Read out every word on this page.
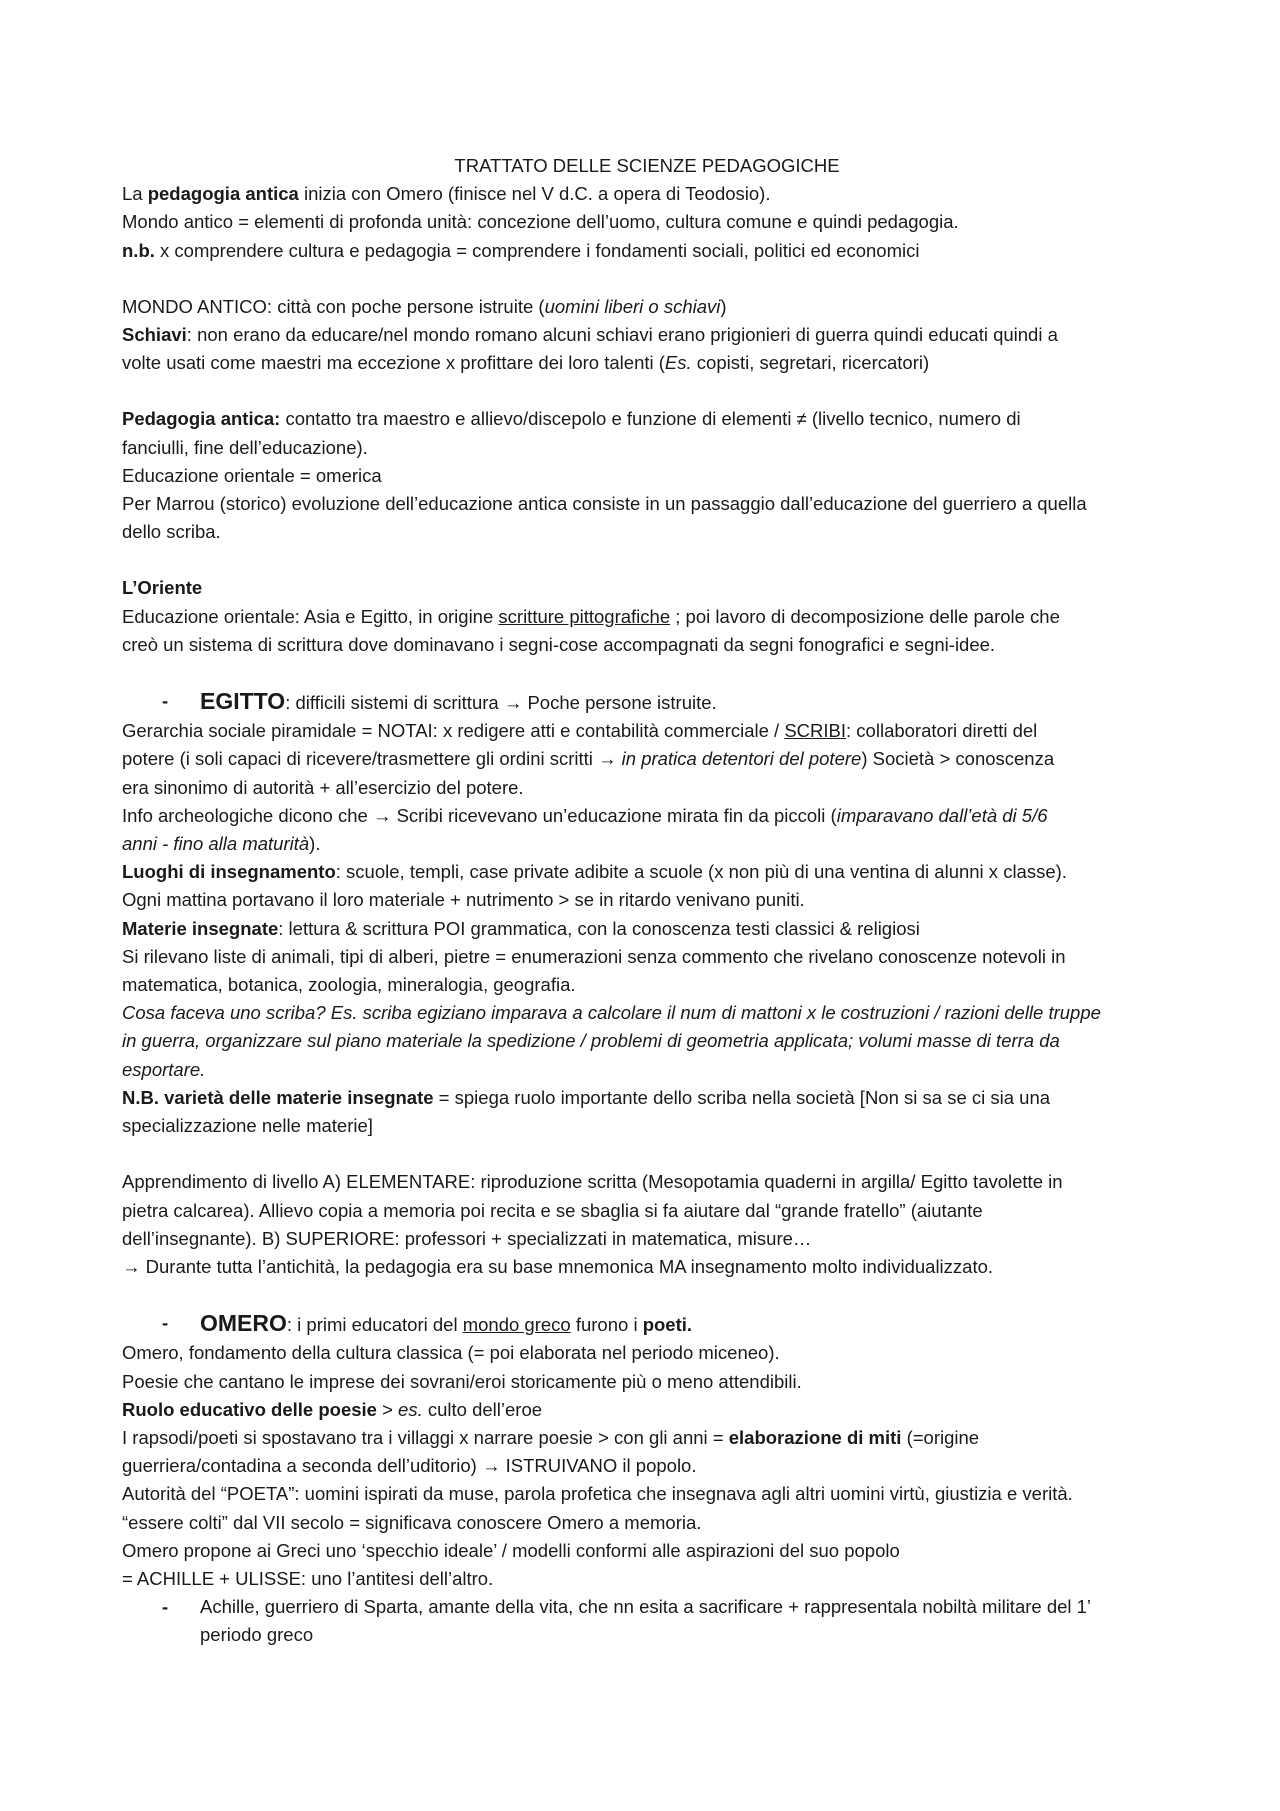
TRATTATO DELLE SCIENZE PEDAGOGICHE

La pedagogia antica inizia con Omero (finisce nel V d.C. a opera di Teodosio).

Mondo antico = elementi di profonda unità: concezione dell’uomo, cultura comune e quindi pedagogia.

n.b. x comprendere cultura e pedagogia = comprendere i fondamenti sociali, politici ed economici

MONDO ANTICO: città con poche persone istruite (uomini liberi o schiavi)

Schiavi: non erano da educare/nel mondo romano alcuni schiavi erano prigionieri di guerra quindi educati quindi a

volte usati come maestri ma eccezione x profittare dei loro talenti (Es. copisti, segretari, ricercatori)

Pedagogia antica: contatto tra maestro e allievo/discepolo e funzione di elementi ≠ (livello tecnico, numero di

fanciulli, fine dell’educazione).

Educazione orientale = omerica

Per Marrou (storico) evoluzione dell’educazione antica consiste in un passaggio dall’educazione del guerriero a quella

dello scriba.

L’Oriente

Educazione orientale: Asia e Egitto, in origine scritture pittografiche ; poi lavoro di decomposizione delle parole che

creò un sistema di scrittura dove dominavano i segni-cose accompagnati da segni fonografici e segni-idee.

- EGITTO: difficili sistemi di scrittura → Poche persone istruite.

Gerarchia sociale piramidale = NOTAI: x redigere atti e contabilità commerciale / SCRIBI: collaboratori diretti del

potere (i soli capaci di ricevere/trasmettere gli ordini scritti → in pratica detentori del potere) Società > conoscenza

era sinonimo di autorità + all’esercizio del potere.

Info archeologiche dicono che → Scribi ricevevano un’educazione mirata fin da piccoli (imparavano dall’età di 5/6

anni - fino alla maturità).

Luoghi di insegnamento: scuole, templi, case private adibite a scuole (x non più di una ventina di alunni x classe).

Ogni mattina portavano il loro materiale + nutrimento > se in ritardo venivano puniti.

Materie insegnate: lettura & scrittura POI grammatica, con la conoscenza testi classici & religiosi

Si rilevano liste di animali, tipi di alberi, pietre = enumerazioni senza commento che rivelano conoscenze notevoli in

matematica, botanica, zoologia, mineralogia, geografia.

Cosa faceva uno scriba? Es. scriba egiziano imparava a calcolare il num di mattoni x le costruzioni / razioni delle truppe

in guerra, organizzare sul piano materiale la spedizione / problemi di geometria applicata; volumi masse di terra da

esportare.

N.B. varietà delle materie insegnate = spiega ruolo importante dello scriba nella società [Non si sa se ci sia una

specializzazione nelle materie]

Apprendimento di livello A) ELEMENTARE: riproduzione scritta (Mesopotamia quaderni in argilla/ Egitto tavolette in

pietra calcarea). Allievo copia a memoria poi recita e se sbaglia si fa aiutare dal “grande fratello” (aiutante

dell’insegnante). B) SUPERIORE: professori + specializzati in matematica, misure…

→ Durante tutta l’antichità, la pedagogia era su base mnemonica MA insegnamento molto individualizzato.

- OMERO: i primi educatori del mondo greco furono i poeti.

Omero, fondamento della cultura classica (= poi elaborata nel periodo miceneo).

Poesie che cantano le imprese dei sovrani/eroi storicamente più o meno attendibili.

Ruolo educativo delle poesie > es. culto dell’eroe

I rapsodi/poeti si spostavano tra i villaggi x narrare poesie > con gli anni = elaborazione di miti (=origine

guerriera/contadina a seconda dell’uditorio) → ISTRUIVANO il popolo.

Autorità del “POETA”: uomini ispirati da muse, parola profetica che insegnava agli altri uomini virtù, giustizia e verità.

“essere colti” dal VII secolo = significava conoscere Omero a memoria.

Omero propone ai Greci uno ‘specchio ideale’ / modelli conformi alle aspirazioni del suo popolo

= ACHILLE + ULISSE: uno l’antitesi dell’altro.

- Achille, guerriero di Sparta, amante della vita, che nn esita a sacrificare + rappresentala nobiltà militare del 1’
periodo greco
